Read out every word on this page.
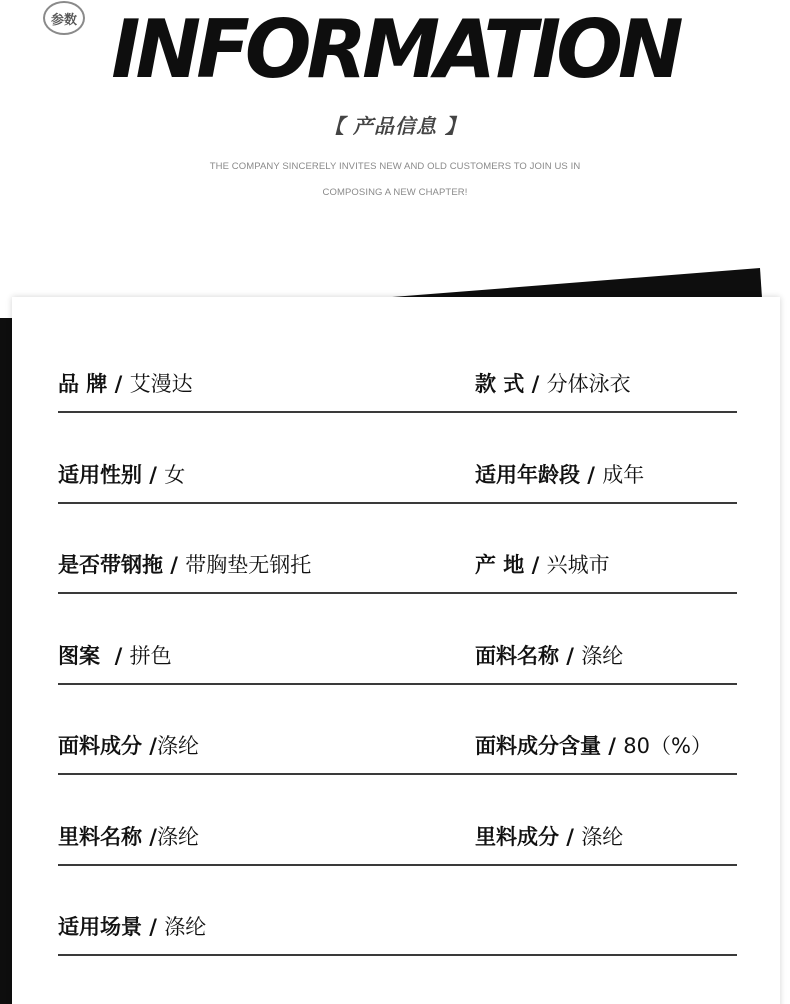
参数 INFORMATION
【 产品信息 】
THE COMPANY SINCERELY INVITES NEW AND OLD CUSTOMERS TO JOIN US IN
COMPOSING A NEW CHAPTER!
品 牌 / 艾漫达	款 式 / 分体泳衣
适用性别 / 女	适用年龄段 / 成年
是否带钢拖 / 带胸垫无钢托	产 地 / 兴城市
图案  / 拼色	面料名称 / 涤纶
面料成分 /涤纶	面料成分含量 / 80（%）
里料名称 /涤纶	里料成分 / 涤纶
适用场景 / 涤纶
